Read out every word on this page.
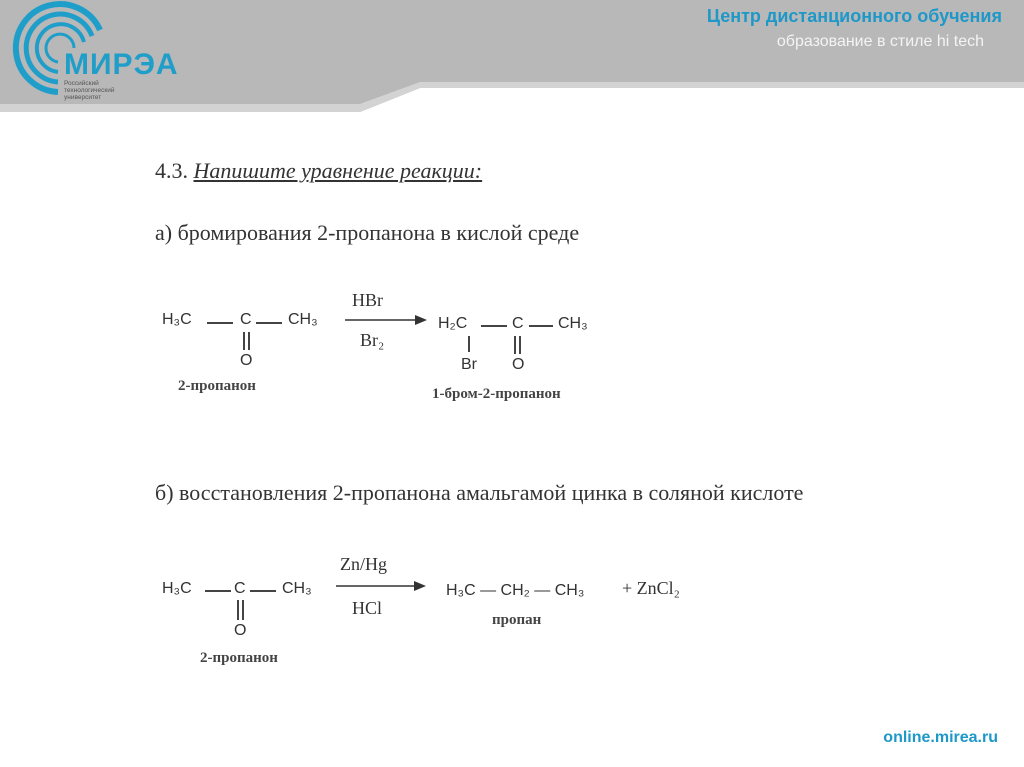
МИРЭА
Российский технологический университет
Центр дистанционного обучения
образование в стиле hi tech
4.3. Напишите уравнение реакции:
а) бромирования 2-пропанона в кислой среде
H₃C	C CH₃
O
2-пропанон
HBr
Br₂
H₂C	C CH₃
Br O
1-бром-2-пропанон
б) восстановления 2-пропанона амальгамой цинка в соляной кислоте
H₃C	C CH₃
O
2-пропанон
Zn/Hg
HCl
H₃C — CH₂ — CH₃
пропан
+ ZnCl₂
online.mirea.ru
